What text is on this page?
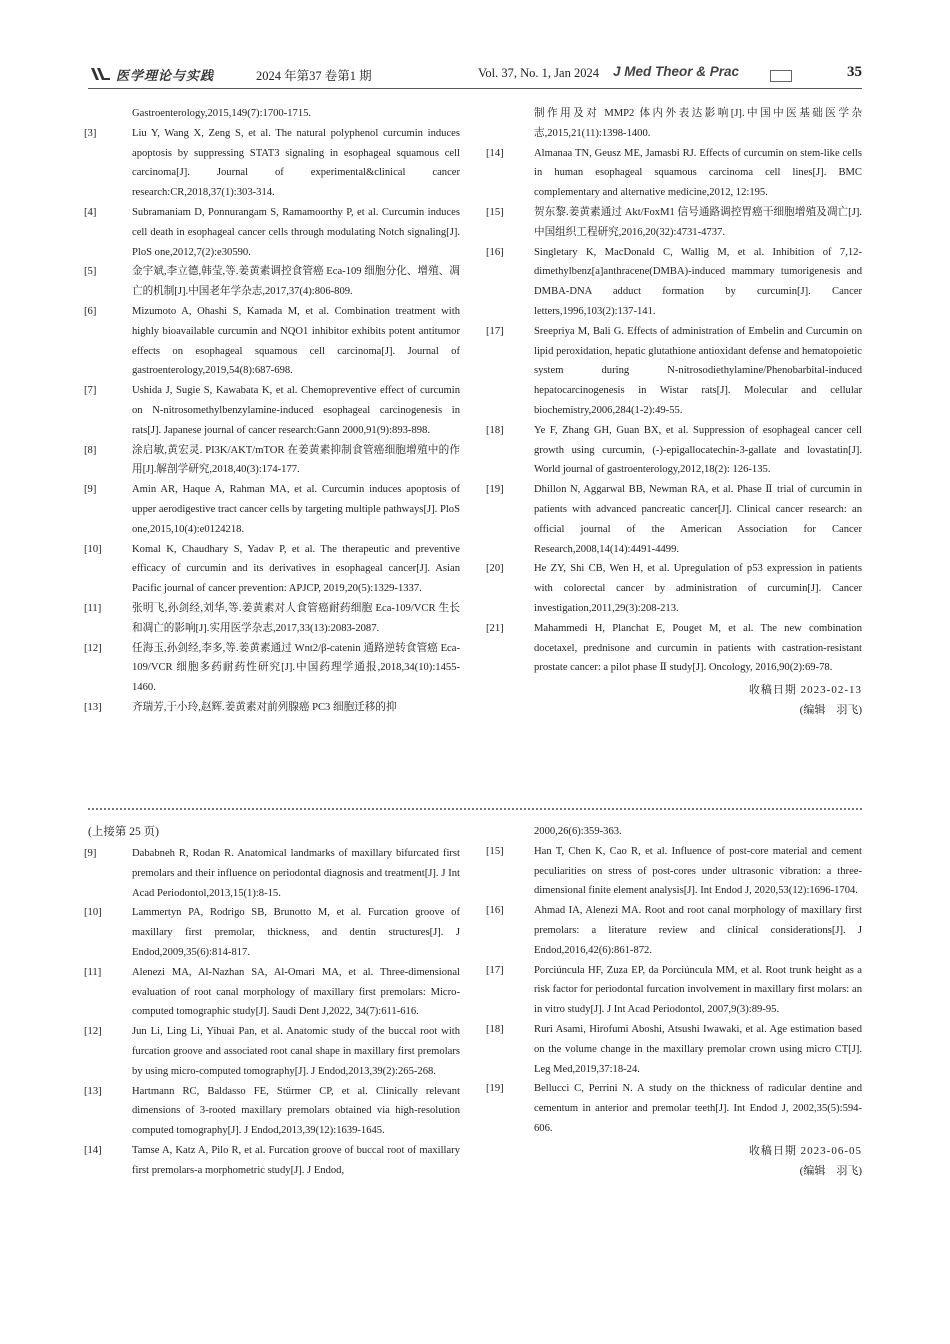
医学理论与实践	2024 年第37 卷第1 期	Vol. 37, No. 1, Jan 2024 J Med Theor & Prac	35
Gastroenterology,2015,149(7):1700-1715.
[3]	Liu Y, Wang X, Zeng S, et al. The natural polyphenol curcumin induces apoptosis by suppressing STAT3 signaling in esophageal squamous cell carcinoma[J]. Journal of experimental&clinical cancer research:CR,2018,37(1):303-314.
[4]	Subramaniam D, Ponnurangam S, Ramamoorthy P, et al. Curcumin induces cell death in esophageal cancer cells through modulating Notch signaling[J]. PloS one,2012,7(2):e30590.
[5]	金宇斌,李立德,韩莹,等.姜黄素调控食管癌 Eca-109 细胞分化、增殖、凋亡的机制[J].中国老年学杂志,2017,37(4):806-809.
[6]	Mizumoto A, Ohashi S, Kamada M, et al. Combination treatment with highly bioavailable curcumin and NQO1 inhibitor exhibits potent antitumor effects on esophageal squamous cell carcinoma[J]. Journal of gastroenterology,2019,54(8):687-698.
[7]	Ushida J, Sugie S, Kawabata K, et al. Chemopreventive effect of curcumin on N-nitrosomethylbenzylamine-induced esophageal carcinogenesis in rats[J]. Japanese journal of cancer research:Gann 2000,91(9):893-898.
[8]	涂启敏,黄宏灵. PI3K/AKT/mTOR 在姜黄素抑制食管癌细胞增殖中的作用[J].解剖学研究,2018,40(3):174-177.
[9]	Amin AR, Haque A, Rahman MA, et al. Curcumin induces apoptosis of upper aerodigestive tract cancer cells by targeting multiple pathways[J]. PloS one,2015,10(4):e0124218.
[10]	Komal K, Chaudhary S, Yadav P, et al. The therapeutic and preventive efficacy of curcumin and its derivatives in esophageal cancer[J]. Asian Pacific journal of cancer prevention: APJCP, 2019,20(5):1329-1337.
[11]	张明飞,孙剑经,刘华,等.姜黄素对人食管癌耐药细胞 Eca-109/VCR 生长和凋亡的影响[J].实用医学杂志,2017,33(13):2083-2087.
[12]	任海玉,孙剑经,李多,等.姜黄素通过 Wnt2/β-catenin 通路逆转食管癌 Eca-109/VCR 细胞多药耐药性研究[J].中国药理学通报,2018,34(10):1455-1460.
[13]	齐瑞芳,于小玲,赵辉.姜黄素对前列腺癌 PC3 细胞迁移的抑
制作用及对 MMP2 体内外表达影响[J].中国中医基础医学杂志,2015,21(11):1398-1400.
[14]	Almanaa TN, Geusz ME, Jamasbi RJ. Effects of curcumin on stem-like cells in human esophageal squamous carcinoma cell lines[J]. BMC complementary and alternative medicine,2012, 12:195.
[15]	贺东黎.姜黄素通过 Akt/FoxM1 信号通路调控胃癌干细胞增殖及凋亡[J].中国组织工程研究,2016,20(32):4731-4737.
[16]	Singletary K, MacDonald C, Wallig M, et al. Inhibition of 7,12-dimethylbenz[a]anthracene(DMBA)-induced mammary tumorigenesis and DMBA-DNA adduct formation by curcumin[J]. Cancer letters,1996,103(2):137-141.
[17]	Sreepriya M, Bali G. Effects of administration of Embelin and Curcumin on lipid peroxidation, hepatic glutathione antioxidant defense and hematopoietic system during N-nitrosodiethylamine/Phenobarbital-induced hepatocarcinogenesis in Wistar rats[J]. Molecular and cellular biochemistry,2006,284(1-2):49-55.
[18]	Ye F, Zhang GH, Guan BX, et al. Suppression of esophageal cancer cell growth using curcumin, (-)-epigallocatechin-3-gallate and lovastatin[J]. World journal of gastroenterology,2012,18(2): 126-135.
[19]	Dhillon N, Aggarwal BB, Newman RA, et al. Phase Ⅱ trial of curcumin in patients with advanced pancreatic cancer[J]. Clinical cancer research: an official journal of the American Association for Cancer Research,2008,14(14):4491-4499.
[20]	He ZY, Shi CB, Wen H, et al. Upregulation of p53 expression in patients with colorectal cancer by administration of curcumin[J]. Cancer investigation,2011,29(3):208-213.
[21]	Mahammedi H, Planchat E, Pouget M, et al. The new combination docetaxel, prednisone and curcumin in patients with castration-resistant prostate cancer: a pilot phase Ⅱ study[J]. Oncology, 2016,90(2):69-78.
收稿日期 2023-02-13
(编辑　羽飞)
(上接第 25 页)
[9]	Dababneh R, Rodan R. Anatomical landmarks of maxillary bifurcated first premolars and their influence on periodontal diagnosis and treatment[J]. J Int Acad Periodontol,2013,15(1):8-15.
[10]	Lammertyn PA, Rodrigo SB, Brunotto M, et al. Furcation groove of maxillary first premolar, thickness, and dentin structures[J]. J Endod,2009,35(6):814-817.
[11]	Alenezi MA, Al-Nazhan SA, Al-Omari MA, et al. Three-dimensional evaluation of root canal morphology of maxillary first premolars: Micro-computed tomographic study[J]. Saudi Dent J,2022, 34(7):611-616.
[12]	Jun Li, Ling Li, Yihuai Pan, et al. Anatomic study of the buccal root with furcation groove and associated root canal shape in maxillary first premolars by using micro-computed tomography[J]. J Endod,2013,39(2):265-268.
[13]	Hartmann RC, Baldasso FE, Stürmer CP, et al. Clinically relevant dimensions of 3-rooted maxillary premolars obtained via high-resolution computed tomography[J]. J Endod,2013,39(12):1639-1645.
[14]	Tamse A, Katz A, Pilo R, et al. Furcation groove of buccal root of maxillary first premolars-a morphometric study[J]. J Endod,
2000,26(6):359-363.
[15]	Han T, Chen K, Cao R, et al. Influence of post-core material and cement peculiarities on stress of post-cores under ultrasonic vibration: a three-dimensional finite element analysis[J]. Int Endod J, 2020,53(12):1696-1704.
[16]	Ahmad IA, Alenezi MA. Root and root canal morphology of maxillary first premolars: a literature review and clinical considerations[J]. J Endod,2016,42(6):861-872.
[17]	Porciúncula HF, Zuza EP, da Porciúncula MM, et al. Root trunk height as a risk factor for periodontal furcation involvement in maxillary first molars: an in vitro study[J]. J Int Acad Periodontol, 2007,9(3):89-95.
[18]	Ruri Asami, Hirofumi Aboshi, Atsushi Iwawaki, et al. Age estimation based on the volume change in the maxillary premolar crown using micro CT[J]. Leg Med,2019,37:18-24.
[19]	Bellucci C, Perrini N. A study on the thickness of radicular dentine and cementum in anterior and premolar teeth[J]. Int Endod J, 2002,35(5):594-606.
收稿日期 2023-06-05
(编辑　羽飞)
